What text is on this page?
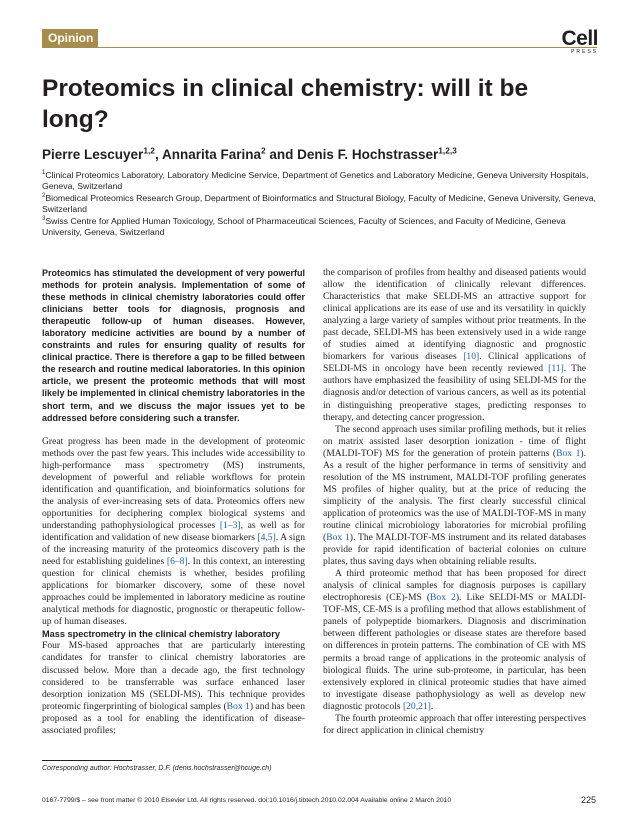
Opinion	Cell
PRESS
Proteomics in clinical chemistry: will it be long?
Pierre Lescuyer$^{1,2}$, Annarita Farina$^2$ and Denis F. Hochstrasser$^{1,2,3}$
$^1$Clinical Proteomics Laboratory, Laboratory Medicine Service, Department of Genetics and Laboratory Medicine, Geneva University Hospitals, Geneva, Switzerland
$^2$Biomedical Proteomics Research Group, Department of Bioinformatics and Structural Biology, Faculty of Medicine, Geneva University, Geneva, Switzerland
$^3$Swiss Centre for Applied Human Toxicology, School of Pharmaceutical Sciences, Faculty of Sciences, and Faculty of Medicine, Geneva University, Geneva, Switzerland

Proteomics has stimulated the development of very powerful methods for protein analysis. Implementation of some of these methods in clinical chemistry laboratories could offer clinicians better tools for diagnosis, prognosis and therapeutic follow-up of human diseases. However, laboratory medicine activities are bound by a number of constraints and rules for ensuring quality of results for clinical practice. There is therefore a gap to be filled between the research and routine medical laboratories. In this opinion article, we present the proteomic methods that will most likely be implemented in clinical chemistry laboratories in the short term, and we discuss the major issues yet to be addressed before considering such a transfer.

Great progress has been made in the development of proteomic methods over the past few years. This includes wide accessibility to high-performance mass spectrometry (MS) instruments, development of powerful and reliable workflows for protein identification and quantification, and bioinformatics solutions for the analysis of ever-increasing sets of data. Proteomics offers new opportunities for deciphering complex biological systems and understanding pathophysiological processes [1–3], as well as for identification and validation of new disease biomarkers [4,5]. A sign of the increasing maturity of the proteomics discovery path is the need for establishing guidelines [6–8]. In this context, an interesting question for clinical chemists is whether, besides profiling applications for biomarker discovery, some of these novel approaches could be implemented in laboratory medicine as routine analytical methods for diagnostic, prognostic or therapeutic follow-up of human diseases.

Mass spectrometry in the clinical chemistry laboratory

Four MS-based approaches that are particularly interesting candidates for transfer to clinical chemistry laboratories are discussed below. More than a decade ago, the first technology considered to be transferrable was surface enhanced laser desorption ionization MS (SELDI-MS). This technique provides proteomic fingerprinting of biological samples (Box 1) and has been proposed as a tool for enabling the identification of disease-associated profiles;

the comparison of profiles from healthy and diseased patients would allow the identification of clinically relevant differences. Characteristics that make SELDI-MS an attractive support for clinical applications are its ease of use and its versatility in quickly analyzing a large variety of samples without prior treatments. In the past decade, SELDI-MS has been extensively used in a wide range of studies aimed at identifying diagnostic and prognostic biomarkers for various diseases [10]. Clinical applications of SELDI-MS in oncology have been recently reviewed [11]. The authors have emphasized the feasibility of using SELDI-MS for the diagnosis and/or detection of various cancers, as well as its potential in distinguishing preoperative stages, predicting responses to therapy, and detecting cancer progression.

The second approach uses similar profiling methods, but it relies on matrix assisted laser desorption ionization - time of flight (MALDI-TOF) MS for the generation of protein patterns (Box 1). As a result of the higher performance in terms of sensitivity and resolution of the MS instrument, MALDI-TOF profiling generates MS profiles of higher quality, but at the price of reducing the simplicity of the analysis. The first clearly successful clinical application of proteomics was the use of MALDI-TOF-MS in many routine clinical microbiology laboratories for microbial profiling (Box 1). The MALDI-TOF-MS instrument and its related databases provide for rapid identification of bacterial colonies on culture plates, thus saving days when obtaining reliable results.

A third proteomic method that has been proposed for direct analysis of clinical samples for diagnosis purposes is capillary electrophoresis (CE)-MS (Box 2). Like SELDI-MS or MALDI-TOF-MS, CE-MS is a profiling method that allows establishment of panels of polypeptide biomarkers. Diagnosis and discrimination between different pathologies or disease states are therefore based on differences in protein patterns. The combination of CE with MS permits a broad range of applications in the proteomic analysis of biological fluids. The urine sub-proteome, in particular, has been extensively explored in clinical proteomic studies that have aimed to investigate disease pathophysiology as well as develop new diagnostic protocols [20,21].

The fourth proteomic approach that offer interesting perspectives for direct application in clinical chemistry

Corresponding author: Hochstrasser, D.F. (denis.hochstrasser@hcuge.ch)
0167-7799/$ – see front matter © 2010 Elsevier Ltd. All rights reserved. doi:10.1016/j.tibtech.2010.02.004 Available online 2 March 2010	225
